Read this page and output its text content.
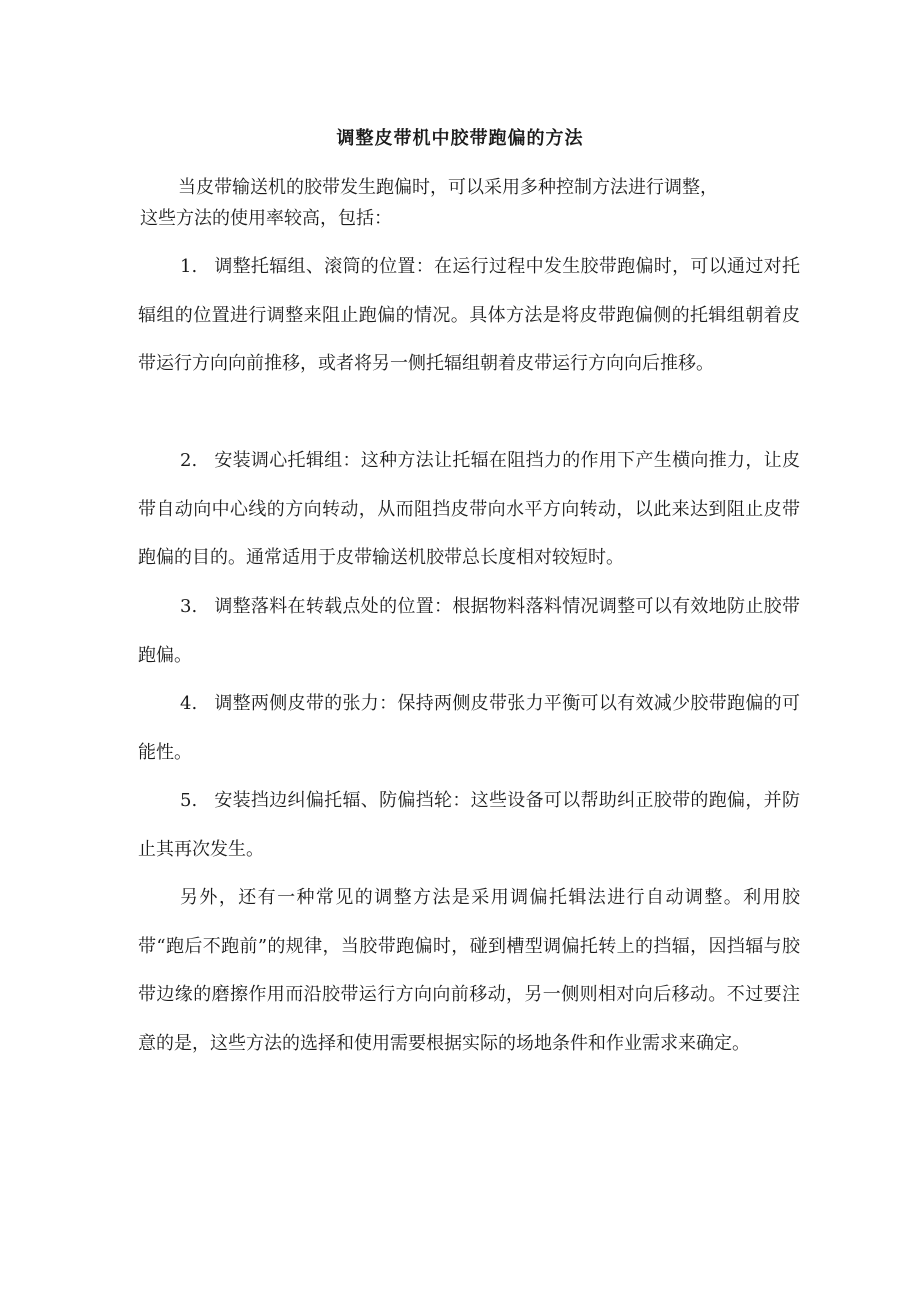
调整皮带机中胶带跑偏的方法

当皮带输送机的胶带发生跑偏时，可以采用多种控制方法进行调整，
这些方法的使用率较高，包括：

1. 调整托辐组、滚筒的位置：在运行过程中发生胶带跑偏时，可以通过对托辐组的位置进行调整来阻止跑偏的情况。具体方法是将皮带跑偏侧的托辑组朝着皮带运行方向向前推移，或者将另一侧托辐组朝着皮带运行方向向后推移。

2. 安装调心托辑组：这种方法让托辐在阻挡力的作用下产生横向推力，让皮带自动向中心线的方向转动，从而阻挡皮带向水平方向转动，以此来达到阻止皮带跑偏的目的。通常适用于皮带输送机胶带总长度相对较短时。

3. 调整落料在转载点处的位置：根据物料落料情况调整可以有效地防止胶带跑偏。

4. 调整两侧皮带的张力：保持两侧皮带张力平衡可以有效减少胶带跑偏的可能性。

5. 安装挡边纠偏托辐、防偏挡轮：这些设备可以帮助纠正胶带的跑偏，并防止其再次发生。

另外，还有一种常见的调整方法是采用调偏托辑法进行自动调整。利用胶带“跑后不跑前”的规律，当胶带跑偏时，碰到槽型调偏托转上的挡辐，因挡辐与胶带边缘的磨擦作用而沿胶带运行方向向前移动，另一侧则相对向后移动。不过要注意的是，这些方法的选择和使用需要根据实际的场地条件和作业需求来确定。
